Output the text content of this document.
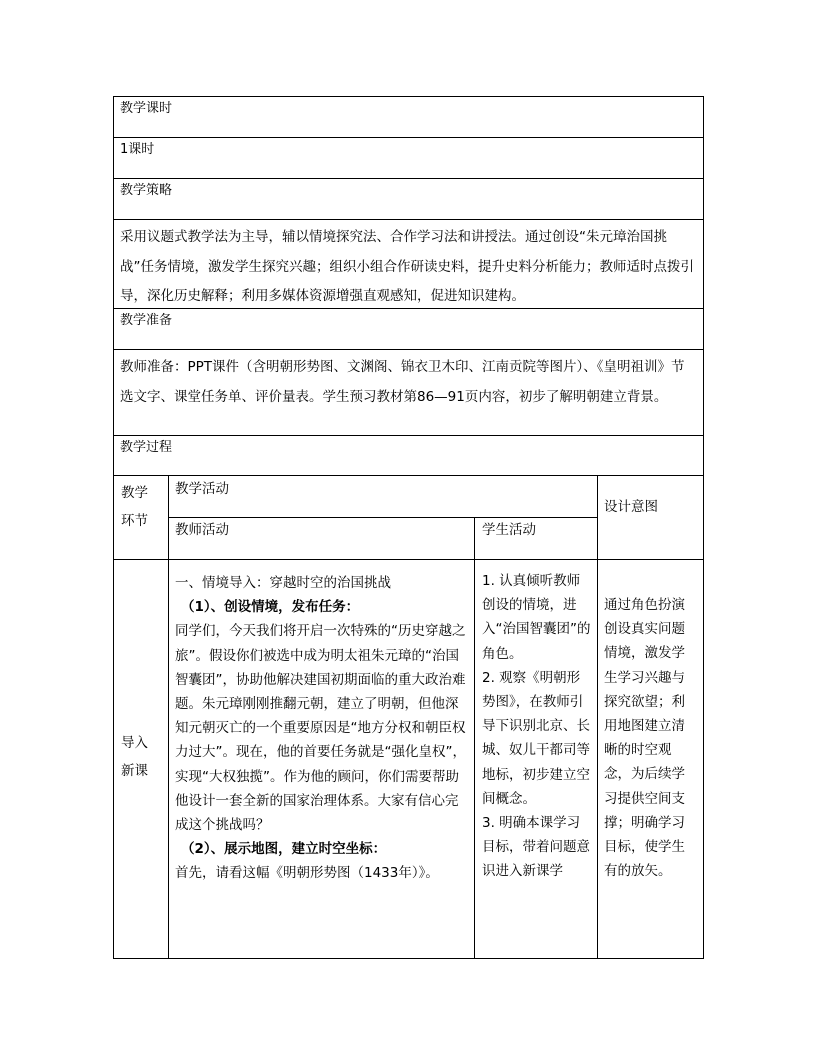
教学课时
1课时
教学策略
采用议题式教学法为主导，辅以情境探究法、合作学习法和讲授法。通过创设“朱元璋治国挑战”任务情境，激发学生探究兴趣；组织小组合作研读史料，提升史料分析能力；教师适时点拨引导，深化历史解释；利用多媒体资源增强直观感知，促进知识建构。
教学准备
教师准备：PPT课件（含明朝形势图、文渊阁、锦衣卫木印、江南贡院等图片）、《皇明祖训》节选文字、课堂任务单、评价量表。学生预习教材第86—91页内容，初步了解明朝建立背景。
教学过程
教学环节
教学活动
教师活动	学生活动
设计意图
导入新课

一、情境导入：穿越时空的治国挑战

（1）、创设情境，发布任务：

同学们，今天我们将开启一次特殊的“历史穿越之旅”。假设你们被选中成为明太祖朱元璋的“治国智囊团”，协助他解决建国初期面临的重大政治难题。朱元璋刚刚推翻元朝，建立了明朝，但他深知元朝灭亡的一个重要原因是“地方分权和朝臣权力过大”。现在，他的首要任务就是“强化皇权”，实现“大权独揽”。作为他的顾问，你们需要帮助他设计一套全新的国家治理体系。大家有信心完成这个挑战吗？

（2）、展示地图，建立时空坐标：

首先，请看这幅《明朝形势图（1433年）》。

1. 认真倾听教师创设的情境，进入“治国智囊团”的角色。

2. 观察《明朝形势图》，在教师引导下识别北京、长城、奴儿干都司等地标，初步建立空间概念。

3. 明确本课学习目标，带着问题意识进入新课学

通过角色扮演创设真实问题情境，激发学生学习兴趣与探究欲望；利用地图建立清晰的时空观念，为后续学习提供空间支撑；明确学习目标，使学生有的放矢。
